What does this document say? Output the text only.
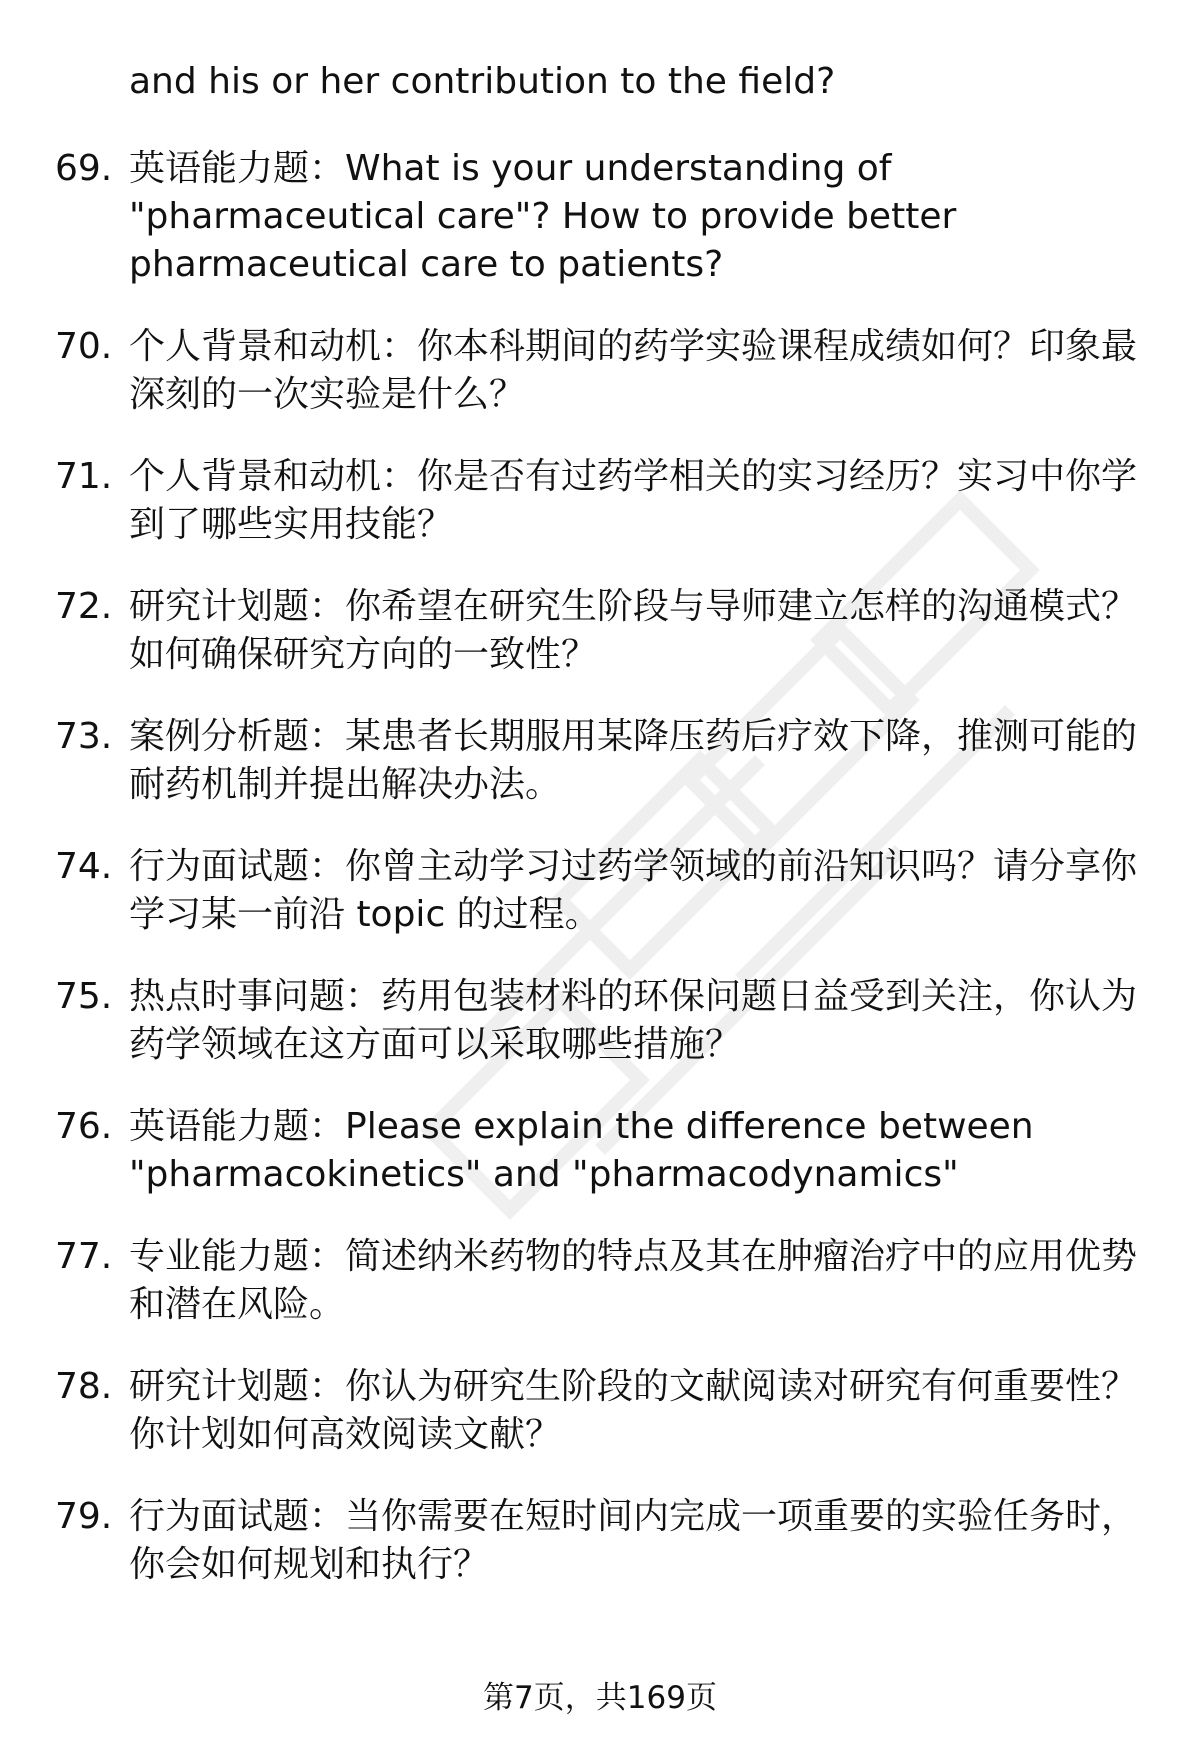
and his or her contribution to the field?

69. 英语能力题：What is your understanding of "pharmaceutical care"? How to provide better pharmaceutical care to patients?
70. 个人背景和动机：你本科期间的药学实验课程成绩如何？印象最深刻的一次实验是什么？
71. 个人背景和动机：你是否有过药学相关的实习经历？实习中你学到了哪些实用技能？
72. 研究计划题：你希望在研究生阶段与导师建立怎样的沟通模式？如何确保研究方向的一致性？
73. 案例分析题：某患者长期服用某降压药后疗效下降，推测可能的耐药机制并提出解决办法。
74. 行为面试题：你曾主动学习过药学领域的前沿知识吗？请分享你学习某一前沿 topic 的过程。
75. 热点时事问题：药用包装材料的环保问题日益受到关注，你认为药学领域在这方面可以采取哪些措施？
76. 英语能力题：Please explain the difference between "pharmacokinetics" and "pharmacodynamics"
77. 专业能力题：简述纳米药物的特点及其在肿瘤治疗中的应用优势和潜在风险。
78. 研究计划题：你认为研究生阶段的文献阅读对研究有何重要性？你计划如何高效阅读文献？
79. 行为面试题：当你需要在短时间内完成一项重要的实验任务时，你会如何规划和执行？
第7页，共169页
